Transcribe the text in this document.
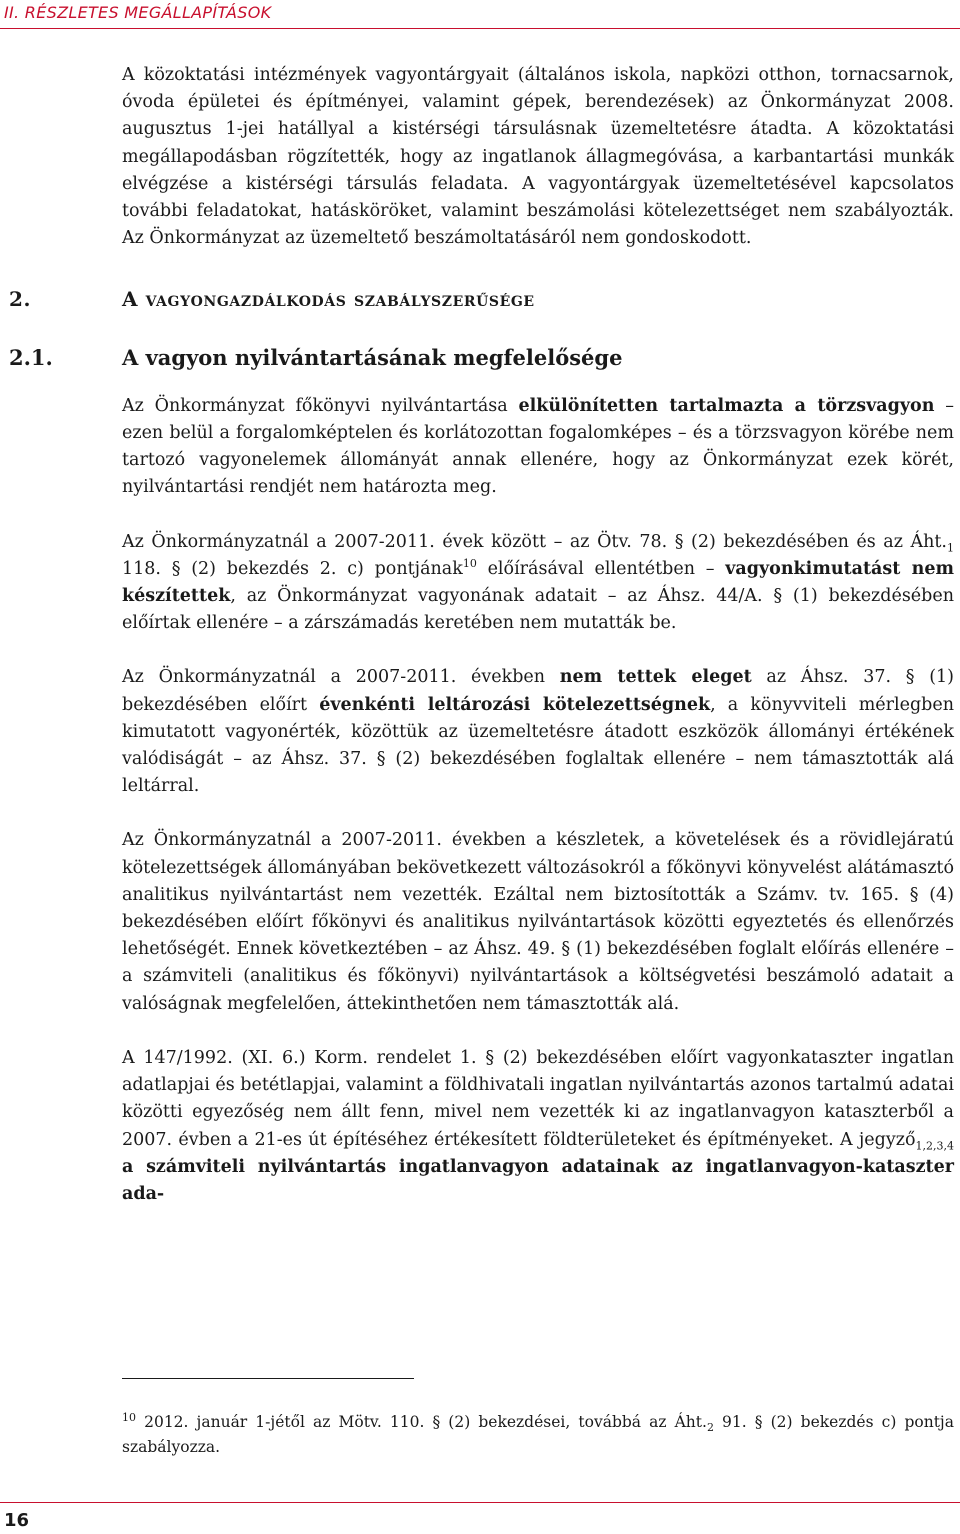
II. RÉSZLETES MEGÁLLAPÍTÁSOK

A közoktatási intézmények vagyontárgyait (általános iskola, napközi otthon, tornacsarnok, óvoda épületei és építményei, valamint gépek, berendezések) az Önkormányzat 2008. augusztus 1-jei hatállyal a kistérségi társulásnak üzemeltetésre átadta. A közoktatási megállapodásban rögzítették, hogy az ingatlanok állagmegóvása, a karbantartási munkák elvégzése a kistérségi társulás feladata. A vagyontárgyak üzemeltetésével kapcsolatos további feladatokat, hatásköröket, valamint beszámolási kötelezettséget nem szabályozták. Az Önkormányzat az üzemeltető beszámoltatásáról nem gondoskodott.

2.	A vagyongazdálkodás szabályszerűsége
2.1.	A vagyon nyilvántartásának megfelelősége

Az Önkormányzat főkönyvi nyilvántartása elkülönítetten tartalmazta a törzsvagyon – ezen belül a forgalomképtelen és korlátozottan fogalomképes – és a törzsvagyon körébe nem tartozó vagyonelemek állományát annak ellenére, hogy az Önkormányzat ezek körét, nyilvántartási rendjét nem határozta meg.

Az Önkormányzatnál a 2007-2011. évek között – az Ötv. 78. § (2) bekezdésében és az $Áht._1$ 118. § (2) bekezdés 2. c) pontjának$^{10}$ előírásával ellentétben – vagyonkimutatást nem készítettek, az Önkormányzat vagyonának adatait – az Áhsz. 44/A. § (1) bekezdésében előírtak ellenére – a zárszámadás keretében nem mutatták be.

Az Önkormányzatnál a 2007-2011. években nem tettek eleget az Áhsz. 37. § (1) bekezdésében előírt évenkénti leltározási kötelezettségnek, a könyvviteli mérlegben kimutatott vagyonérték, közöttük az üzemeltetésre átadott eszközök állományi értékének valódiságát – az Áhsz. 37. § (2) bekezdésében foglaltak ellenére – nem támasztották alá leltárral.

Az Önkormányzatnál a 2007-2011. években a készletek, a követelések és a rövidlejáratú kötelezettségek állományában bekövetkezett változásokról a főkönyvi könyvelést alátámasztó analitikus nyilvántartást nem vezették. Ezáltal nem biztosították a Számv. tv. 165. § (4) bekezdésében előírt főkönyvi és analitikus nyilvántartások közötti egyeztetés és ellenőrzés lehetőségét. Ennek következtében – az Áhsz. 49. § (1) bekezdésében foglalt előírás ellenére – a számviteli (analitikus és főkönyvi) nyilvántartások a költségvetési beszámoló adatait a valóságnak megfelelően, áttekinthetően nem támasztották alá.

A 147/1992. (XI. 6.) Korm. rendelet 1. § (2) bekezdésében előírt vagyonkataszter ingatlan adatlapjai és betétlapjai, valamint a földhivatali ingatlan nyilvántartás azonos tartalmú adatai közötti egyezőség nem állt fenn, mivel nem vezették ki az ingatlanvagyon kataszterből a 2007. évben a 21-es út építéséhez értékesített földterületeket és építményeket. A jegyző$_{1,2,3,4}$ a számviteli nyilvántartás ingatlanvagyon adatainak az ingatlanvagyon-kataszter ada-

$^{10}$ 2012. január 1-jétől az Mötv. 110. § (2) bekezdései, továbbá az $Áht._2$ 91. § (2) bekezdés c) pontja szabályozza.
16
